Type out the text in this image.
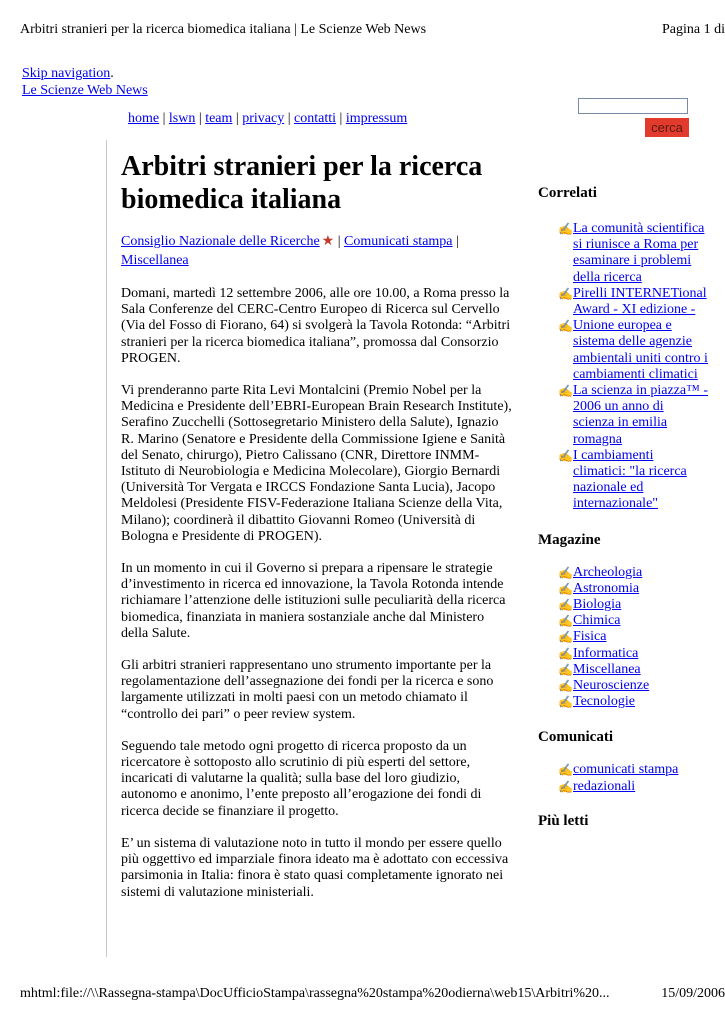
Arbitri stranieri per la ricerca biomedica italiana | Le Scienze Web News	Pagina 1 di
Skip navigation.
Le Scienze Web News
home | lswn | team | privacy | contatti | impressum
cerca
Arbitri stranieri per la ricerca biomedica italiana
Consiglio Nazionale delle Ricerche ★ | Comunicati stampa | Miscellanea

Domani, martedì 12 settembre 2006, alle ore 10.00, a Roma presso la Sala Conferenze del CERC-Centro Europeo di Ricerca sul Cervello (Via del Fosso di Fiorano, 64) si svolgerà la Tavola Rotonda: “Arbitri stranieri per la ricerca biomedica italiana”, promossa dal Consorzio PROGEN.

Vi prenderanno parte Rita Levi Montalcini (Premio Nobel per la Medicina e Presidente dell’EBRI-European Brain Research Institute), Serafino Zucchelli (Sottosegretario Ministero della Salute), Ignazio R. Marino (Senatore e Presidente della Commissione Igiene e Sanità del Senato, chirurgo), Pietro Calissano (CNR, Direttore INMM-Istituto di Neurobiologia e Medicina Molecolare), Giorgio Bernardi (Università Tor Vergata e IRCCS Fondazione Santa Lucia), Jacopo Meldolesi (Presidente FISV-Federazione Italiana Scienze della Vita, Milano); coordinerà il dibattito Giovanni Romeo (Università di Bologna e Presidente di PROGEN).

In un momento in cui il Governo si prepara a ripensare le strategie d’investimento in ricerca ed innovazione, la Tavola Rotonda intende richiamare l’attenzione delle istituzioni sulle peculiarità della ricerca biomedica, finanziata in maniera sostanziale anche dal Ministero della Salute.

Gli arbitri stranieri rappresentano uno strumento importante per la regolamentazione dell’assegnazione dei fondi per la ricerca e sono largamente utilizzati in molti paesi con un metodo chiamato il “controllo dei pari” o peer review system.

Seguendo tale metodo ogni progetto di ricerca proposto da un ricercatore è sottoposto allo scrutinio di più esperti del settore, incaricati di valutarne la qualità; sulla base del loro giudizio, autonomo e anonimo, l’ente preposto all’erogazione dei fondi di ricerca decide se finanziare il progetto.

E’ un sistema di valutazione noto in tutto il mondo per essere quello più oggettivo ed imparziale finora ideato ma è adottato con eccessiva parsimonia in Italia: finora è stato quasi completamente ignorato nei sistemi di valutazione ministeriali.

Correlati
✍ La comunità scientifica si riunisce a Roma per esaminare i problemi della ricerca
✍ Pirelli INTERNETional Award - XI edizione -
✍ Unione europea e sistema delle agenzie ambientali uniti contro i cambiamenti climatici
✍ La scienza in piazza™ - 2006 un anno di scienza in emilia romagna
✍ I cambiamenti climatici: "la ricerca nazionale ed internazionale"
Magazine
✍ Archeologia
✍ Astronomia
✍ Biologia
✍ Chimica
✍ Fisica
✍ Informatica
✍ Miscellanea
✍ Neuroscienze
✍ Tecnologie
Comunicati
✍ comunicati stampa
✍ redazionali
Più letti
mhtml:file://\\Rassegna-stampa\DocUfficioStampa\rassegna%20stampa%20odierna\web15\Arbitri%20...	15/09/2006
